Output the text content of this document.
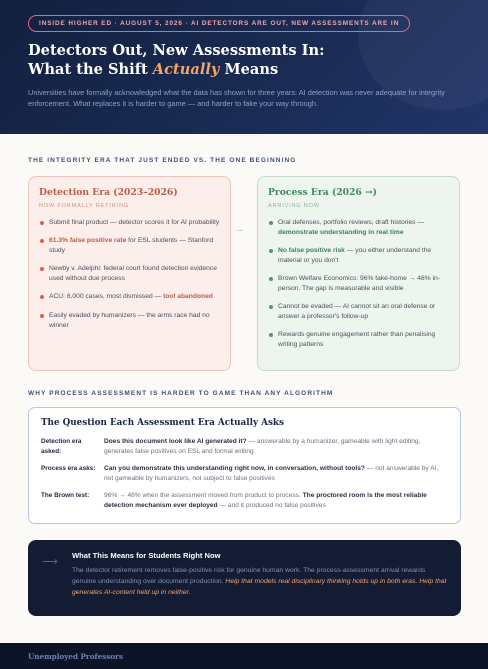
INSIDE HIGHER ED · AUGUST 5, 2026 · AI DETECTORS ARE OUT, NEW ASSESSMENTS ARE IN
Detectors Out, New Assessments In:
What the Shift Actually Means
Universities have formally acknowledged what the data has shown for three years: AI detection was never adequate for integrity enforcement. What replaces it is harder to game — and harder to fake your way through.
THE INTEGRITY ERA THAT JUST ENDED VS. THE ONE BEGINNING
Detection Era (2023–2026)
NOW FORMALLY RETIRING
Submit final product — detector scores it for AI probability
61.3% false positive rate for ESL students — Stanford study
Newby v. Adelphi: federal court found detection evidence used without due process
ACU: 6,000 cases, most dismissed — tool abandoned
Easily evaded by humanizers — the arms race had no winner
→
Process Era (2026 →)
ARRIVING NOW
Oral defenses, portfolio reviews, draft histories — demonstrate understanding in real time
No false positive risk — you either understand the material or you don't
Brown Welfare Economics: 96% take-home → 48% in-person. The gap is measurable and visible
Cannot be evaded — AI cannot sit an oral defense or answer a professor's follow-up
Rewards genuine engagement rather than penalising writing patterns
WHY PROCESS ASSESSMENT IS HARDER TO GAME THAN ANY ALGORITHM
The Question Each Assessment Era Actually Asks
Detection era asked:
Does this document look like AI generated it? — answerable by a humanizer, gameable with light editing, generates false positives on ESL and formal writing
Process era asks:	Can you demonstrate this understanding right now, in conversation, without tools? — not answerable by AI, not gameable by humanizers, not subject to false positives
The Brown test:	96% → 48% when the assessment moved from product to process. The proctored room is the most reliable detection mechanism ever deployed — and it produced no false positives
⟶
What This Means for Students Right Now

The detector retirement removes false-positive risk for genuine human work. The process-assessment arrival rewards genuine understanding over document production. Help that models real disciplinary thinking holds up in both eras. Help that generates AI-content held up in neither.

Unemployed Professors
